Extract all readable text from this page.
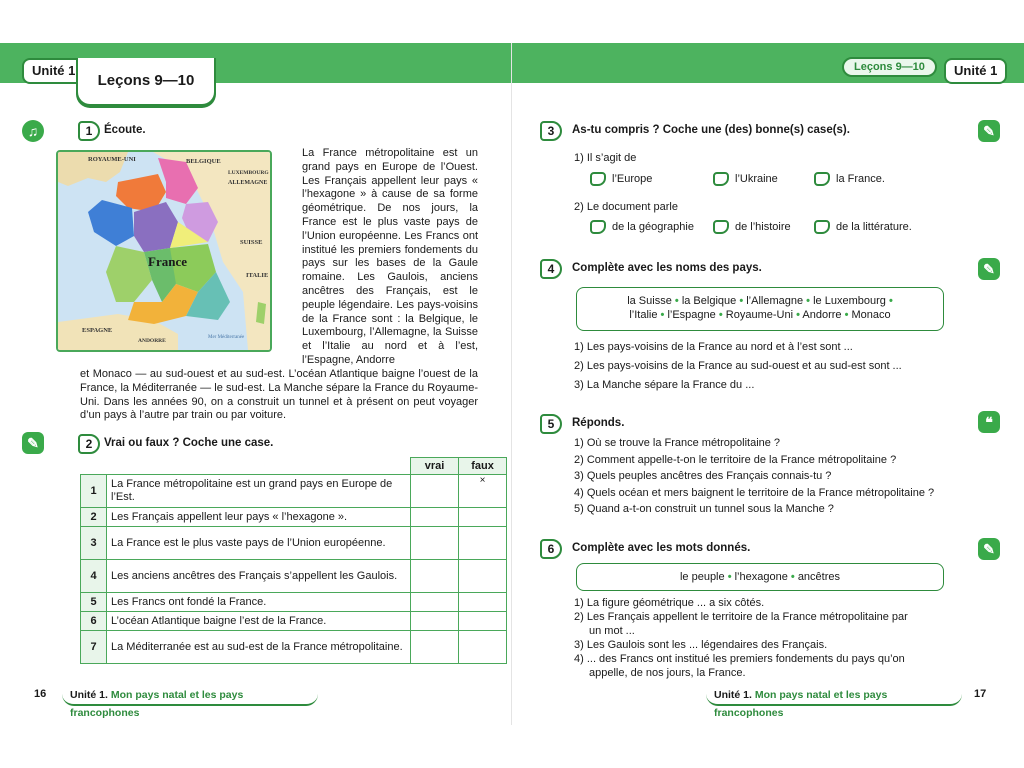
Unité 1
Leçons 9—10
Leçons 9—10	Unité 1
♫	1	Écoute.
ROYAUME-UNI	BELGIQUE
LUXEMBOURG
ALLEMAGNE
SUISSE
ITALIE
ESPAGNE
ANDORRE
France
Mer Méditerranée
La France métropolitaine est un grand pays en Europe de l’Ouest. Les Français appellent leur pays « l’hexagone » à cause de sa forme géométrique. De nos jours, la France est le plus vaste pays de l’Union européenne. Les Francs ont institué les premiers fondements du pays sur les bases de la Gaule romaine. Les Gaulois, anciens ancêtres des Français, est le peuple légendaire. Les pays-voisins de la France sont : la Belgique, le Luxembourg, l’Allemagne, la Suisse et l’Italie au nord et à l’est, l’Espagne, Andorre
et Monaco — au sud-ouest et au sud-est. L’océan Atlantique baigne l’ouest de la France, la Méditerranée — le sud-est. La Manche sépare la France du Royaume-Uni. Dans les années 90, on a construit un tunnel et à présent on peut voyager d’un pays à l’autre par train ou par voiture.
✎	2	Vrai ou faux ? Coche une case.
		vrai	faux
1	La France métropolitaine est un grand pays en Europe de l’Est.		×
2	Les Français appellent leur pays « l’hexagone ».		
3	La France est le plus vaste pays de l’Union européenne.		
4	Les anciens ancêtres des Français s’appellent les Gaulois.		
5	Les Francs ont fondé la France.		
6	L’océan Atlantique baigne l’est de la France.		
7	La Méditerranée est au sud-est de la France métropolitaine.		
16	Unité 1. Mon pays natal et les pays francophones
3	As-tu compris ? Coche une (des) bonne(s) case(s).	✎
1) Il s’agit de
l’Europe	l’Ukraine	la France.
2) Le document parle
de la géographie	de l’histoire	de la littérature.
4	Complète avec les noms des pays.	✎
la Suisse • la Belgique • l’Allemagne • le Luxembourg •
l’Italie • l’Espagne • Royaume-Uni • Andorre • Monaco
1) Les pays-voisins de la France au nord et à l’est sont ...
2) Les pays-voisins de la France au sud-ouest et au sud-est sont ...
3) La Manche sépare la France du ...
5	Réponds.	❝
1) Où se trouve la France métropolitaine ?
2) Comment appelle-t-on le territoire de la France métropolitaine ?
3) Quels peuples ancêtres des Français connais-tu ?
4) Quels océan et mers baignent le territoire de la France métropolitaine ?
5) Quand a-t-on construit un tunnel sous la Manche ?
6	Complète avec les mots donnés.	✎
le peuple • l’hexagone • ancêtres
1) La figure géométrique ... a six côtés.
2) Les Français appellent le territoire de la France métropolitaine par
un mot ...
3) Les Gaulois sont les ... légendaires des Français.
4) ... des Francs ont institué les premiers fondements du pays qu’on
appelle, de nos jours, la France.
Unité 1. Mon pays natal et les pays francophones
17
